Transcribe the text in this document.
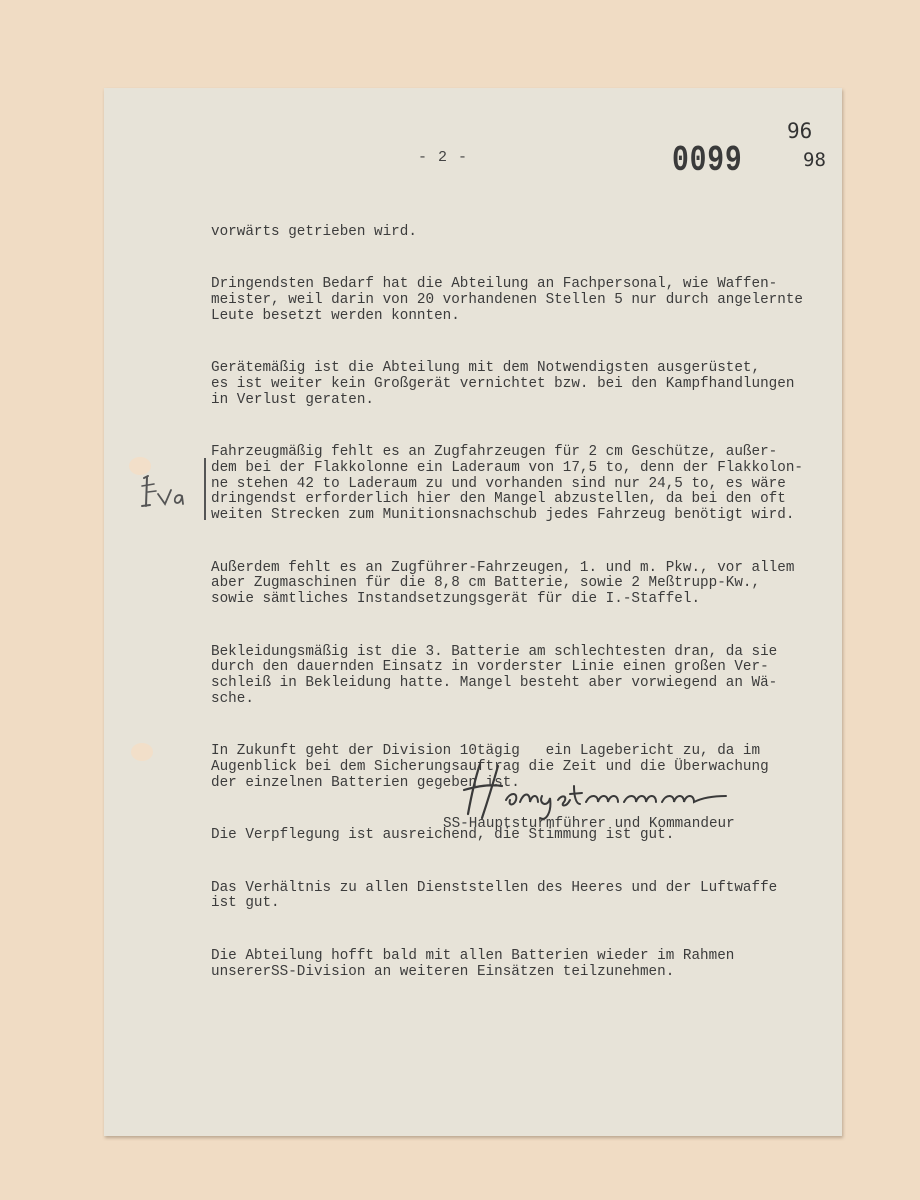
- 2 -	0099
96
98

vorwärts getrieben wird.

Dringendsten Bedarf hat die Abteilung an Fachpersonal, wie Waffen-
meister, weil darin von 20 vorhandenen Stellen 5 nur durch angelernte
Leute besetzt werden konnten.

Gerätemäßig ist die Abteilung mit dem Notwendigsten ausgerüstet,
es ist weiter kein Großgerät vernichtet bzw. bei den Kampfhandlungen
in Verlust geraten.

Fahrzeugmäßig fehlt es an Zugfahrzeugen für 2 cm Geschütze, außer-
dem bei der Flakkolonne ein Laderaum von 17,5 to, denn der Flakkolon-
ne stehen 42 to Laderaum zu und vorhanden sind nur 24,5 to, es wäre
dringendst erforderlich hier den Mangel abzustellen, da bei den oft
weiten Strecken zum Munitionsnachschub jedes Fahrzeug benötigt wird.

Außerdem fehlt es an Zugführer-Fahrzeugen, 1. und m. Pkw., vor allem
aber Zugmaschinen für die 8,8 cm Batterie, sowie 2 Meßtrupp-Kw.,
sowie sämtliches Instandsetzungsgerät für die I.-Staffel.

Bekleidungsmäßig ist die 3. Batterie am schlechtesten dran, da sie
durch den dauernden Einsatz in vorderster Linie einen großen Ver-
schleiß in Bekleidung hatte. Mangel besteht aber vorwiegend an Wä-
sche.

In Zukunft geht der Division 10tägig   ein Lagebericht zu, da im
Augenblick bei dem Sicherungsauftrag die Zeit und die Überwachung
der einzelnen Batterien gegeben ist.

Die Verpflegung ist ausreichend, die Stimmung ist gut.

Das Verhältnis zu allen Dienststellen des Heeres und der Luftwaffe
ist gut.

Die Abteilung hofft bald mit allen Batterien wieder im Rahmen
unsererSS-Division an weiteren Einsätzen teilzunehmen.

SS-Hauptsturmführer und Kommandeur
